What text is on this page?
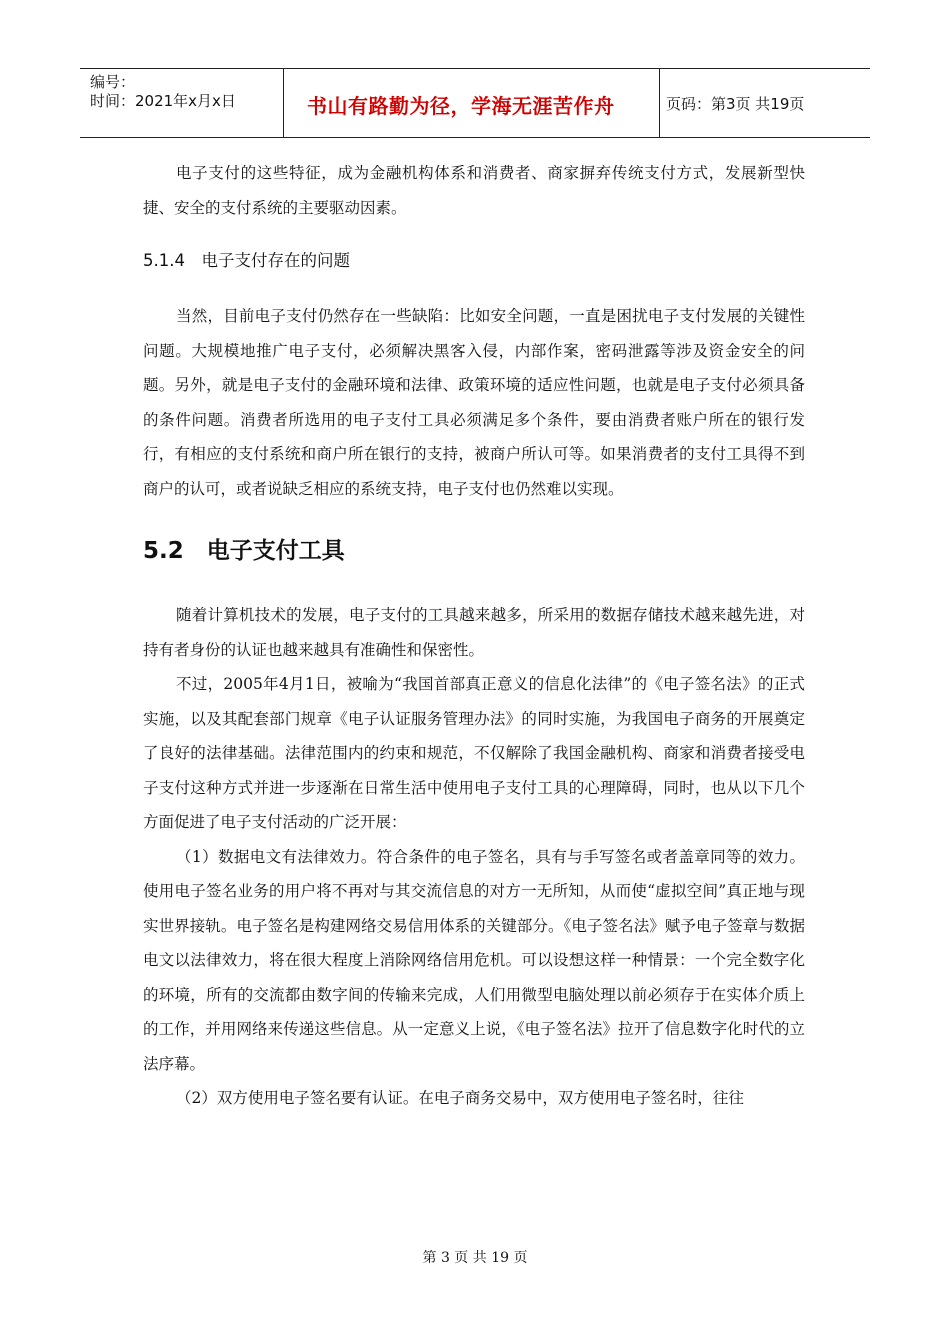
编号：
时间：2021年x月x日	书山有路勤为径，学海无涯苦作舟	页码：第3页 共19页

电子支付的这些特征，成为金融机构体系和消费者、商家摒弃传统支付方式，发展新型快捷、安全的支付系统的主要驱动因素。

5.1.4　电子支付存在的问题

当然，目前电子支付仍然存在一些缺陷：比如安全问题，一直是困扰电子支付发展的关键性问题。大规模地推广电子支付，必须解决黑客入侵，内部作案，密码泄露等涉及资金安全的问题。另外，就是电子支付的金融环境和法律、政策环境的适应性问题，也就是电子支付必须具备的条件问题。消费者所选用的电子支付工具必须满足多个条件，要由消费者账户所在的银行发行，有相应的支付系统和商户所在银行的支持，被商户所认可等。如果消费者的支付工具得不到商户的认可，或者说缺乏相应的系统支持，电子支付也仍然难以实现。

5.2　电子支付工具

随着计算机技术的发展，电子支付的工具越来越多，所采用的数据存储技术越来越先进，对持有者身份的认证也越来越具有准确性和保密性。

不过，2005年4月1日，被喻为“我国首部真正意义的信息化法律”的《电子签名法》的正式实施，以及其配套部门规章《电子认证服务管理办法》的同时实施，为我国电子商务的开展奠定了良好的法律基础。法律范围内的约束和规范，不仅解除了我国金融机构、商家和消费者接受电子支付这种方式并进一步逐渐在日常生活中使用电子支付工具的心理障碍，同时，也从以下几个方面促进了电子支付活动的广泛开展：

（1）数据电文有法律效力。符合条件的电子签名，具有与手写签名或者盖章同等的效力。使用电子签名业务的用户将不再对与其交流信息的对方一无所知，从而使“虚拟空间”真正地与现实世界接轨。电子签名是构建网络交易信用体系的关键部分。《电子签名法》赋予电子签章与数据电文以法律效力，将在很大程度上消除网络信用危机。可以设想这样一种情景：一个完全数字化的环境，所有的交流都由数字间的传输来完成，人们用微型电脑处理以前必须存于在实体介质上的工作，并用网络来传递这些信息。从一定意义上说，《电子签名法》拉开了信息数字化时代的立法序幕。

（2）双方使用电子签名要有认证。在电子商务交易中，双方使用电子签名时，往往

第 3 页 共 19 页
